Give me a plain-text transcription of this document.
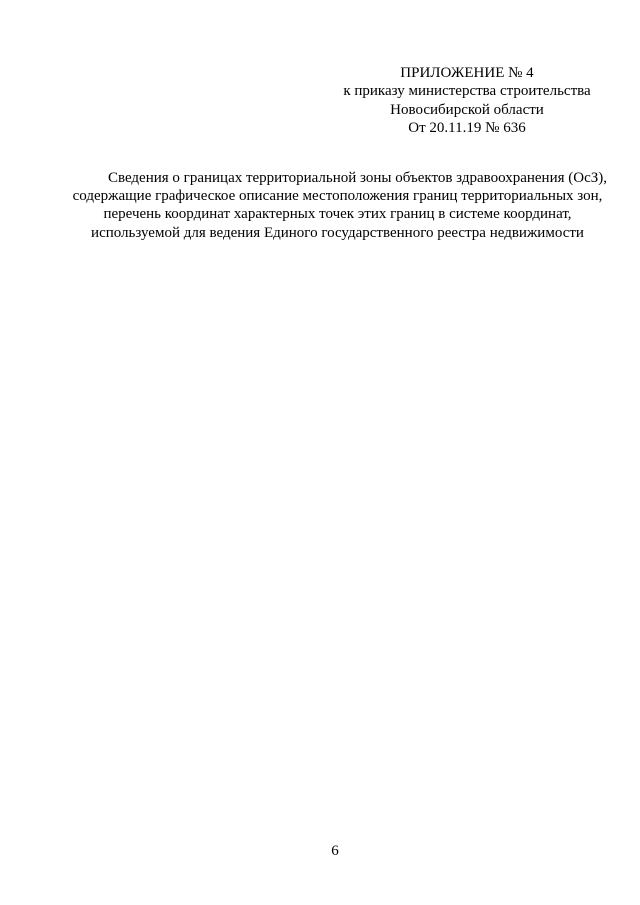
ПРИЛОЖЕНИЕ № 4
к приказу министерства строительства
Новосибирской области
От 20.11.19 № 636
Сведения о границах территориальной зоны объектов здравоохранения (ОсЗ),
содержащие графическое описание местоположения границ территориальных зон,
перечень координат характерных точек этих границ в системе координат,
используемой для ведения Единого государственного реестра недвижимости
6
